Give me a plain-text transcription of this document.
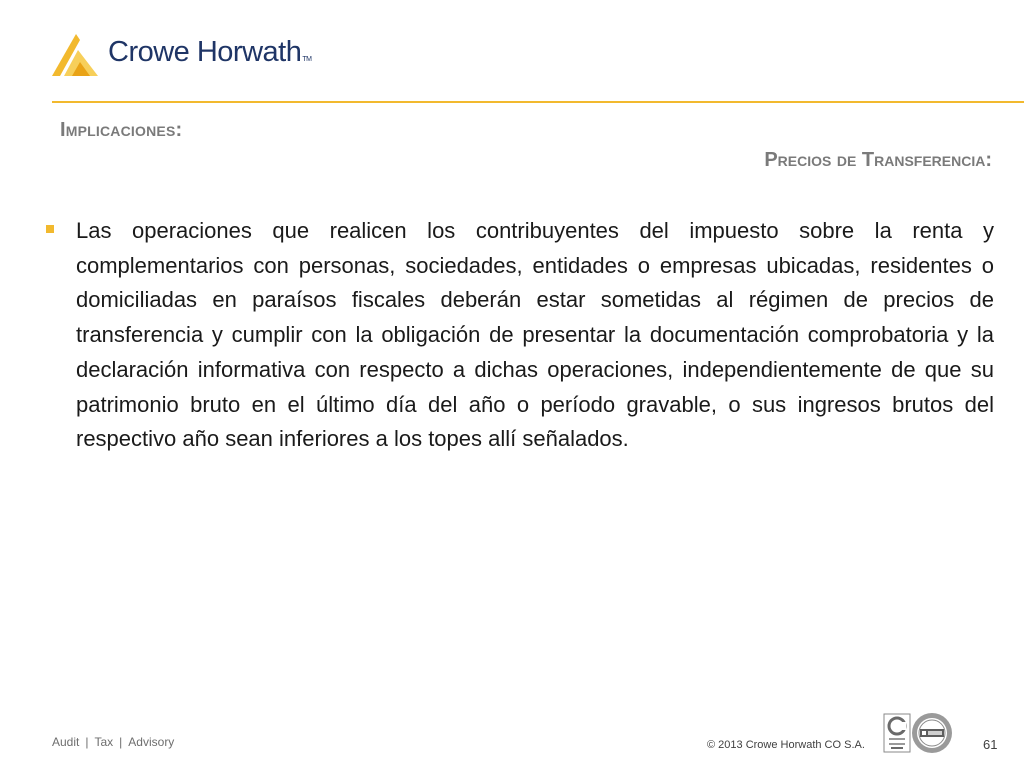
Crowe HorwathTM
Implicaciones:
Precios de Transferencia:

Las operaciones que realicen los contribuyentes del impuesto sobre la renta y complementarios con personas, sociedades, entidades o empresas ubicadas, residentes o domiciliadas en paraísos fiscales deberán estar sometidas al régimen de precios de transferencia y cumplir con la obligación de presentar la documentación comprobatoria y la declaración informativa con respecto a dichas operaciones, independientemente de que su patrimonio bruto en el último día del año o período gravable, o sus ingresos brutos del respectivo año sean inferiores a los topes allí señalados.

Audit | Tax | Advisory	© 2013 Crowe Horwath CO S.A.	61
